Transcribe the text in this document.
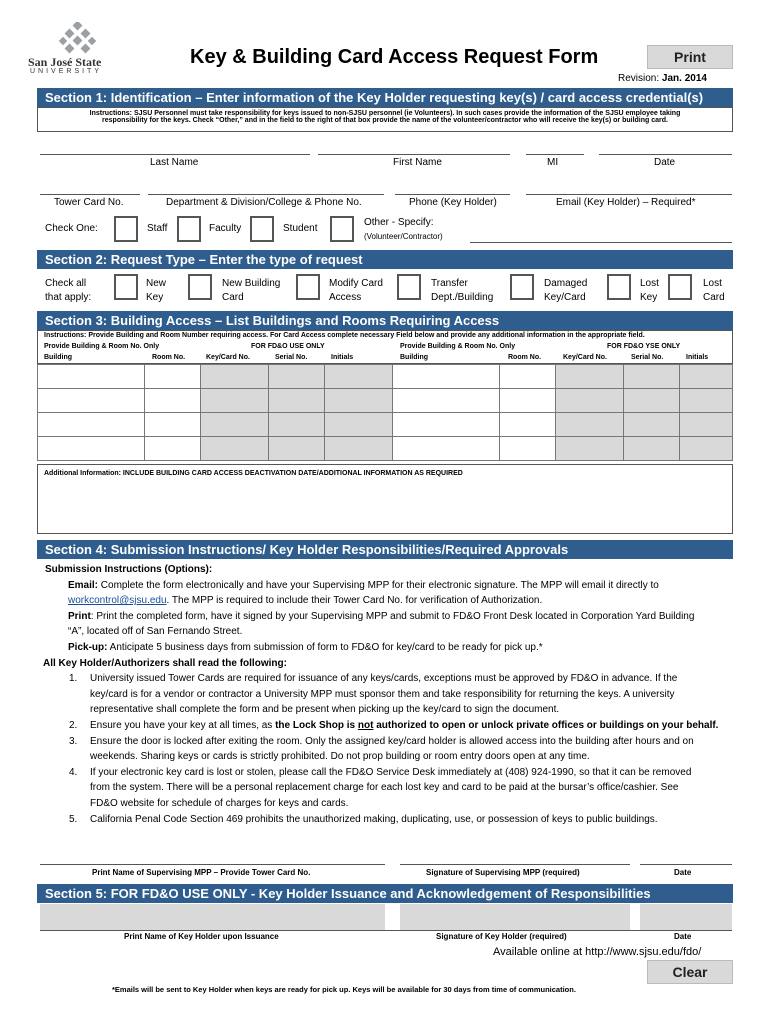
San José State
UNIVERSITY
Key & Building Card Access Request Form	Print
Revision: Jan. 2014
Section 1: Identification – Enter information of the Key Holder requesting key(s) / card access credential(s)
Instructions: SJSU Personnel must take responsibility for keys issued to non-SJSU personnel (ie Volunteers). In such cases provide the information of the SJSU employee taking
responsibility for the keys. Check “Other,” and in the field to the right of that box provide the name of the volunteer/contractor who will receive the key(s) or building card.
Last Name	First Name	MI	Date
Tower Card No.	Department & Division/College & Phone No.	Phone (Key Holder)	Email (Key Holder) – Required*
Check One:	Staff	Faculty	Student
Other - Specify:
(Volunteer/Contractor)
Section 2: Request Type – Enter the type of request
Check all
that apply:
New
Key
New Building
Card
Modify Card
Access
Transfer
Dept./Building
Damaged
Key/Card
Lost
Key
Lost
Card
Section 3: Building Access – List Buildings and Rooms Requiring Access
Instructions: Provide Building and Room Number requiring access. For Card Access complete necessary Field below and provide any additional information in the appropriate field.
Provide Building & Room No. Only	FOR FD&O USE ONLY	Provide Building & Room No. Only	FOR FD&O YSE ONLY
Building	Room No.	Key/Card No.	Serial No.	Initials	Building	Room No.	Key/Card No.	Serial No.	Initials

Additional Information: INCLUDE BUILDING CARD ACCESS DEACTIVATION DATE/ADDITIONAL INFORMATION AS REQUIRED
Section 4: Submission Instructions/ Key Holder Responsibilities/Required Approvals
Submission Instructions (Options):
Email: Complete the form electronically and have your Supervising MPP for their electronic signature. The MPP will email it directly to
workcontrol@sjsu.edu. The MPP is required to include their Tower Card No. for verification of Authorization.
Print: Print the completed form, have it signed by your Supervising MPP and submit to FD&O Front Desk located in Corporation Yard Building
“A”, located off of San Fernando Street.
Pick-up: Anticipate 5 business days from submission of form to FD&O for key/card to be ready for pick up.*
All Key Holder/Authorizers shall read the following:
1. University issued Tower Cards are required for issuance of any keys/cards, exceptions must be approved by FD&O in advance. If the
key/card is for a vendor or contractor a University MPP must sponsor them and take responsibility for returning the keys. A university
representative shall complete the form and be present when picking up the key/card to sign the document.
2. Ensure you have your key at all times, as the Lock Shop is not authorized to open or unlock private offices or buildings on your behalf.
3. Ensure the door is locked after exiting the room. Only the assigned key/card holder is allowed access into the building after hours and on
weekends. Sharing keys or cards is strictly prohibited. Do not prop building or room entry doors open at any time.
4. If your electronic key card is lost or stolen, please call the FD&O Service Desk immediately at (408) 924-1990, so that it can be removed
from the system. There will be a personal replacement charge for each lost key and card to be paid at the bursar’s office/cashier. See
FD&O website for schedule of charges for keys and cards.
5. California Penal Code Section 469 prohibits the unauthorized making, duplicating, use, or possession of keys to public buildings.
Print Name of Supervising MPP – Provide Tower Card No.	Signature of Supervising MPP (required)	Date
Section 5: FOR FD&O USE ONLY - Key Holder Issuance and Acknowledgement of Responsibilities
Print Name of Key Holder upon Issuance	Signature of Key Holder (required)	Date
Available online at http://www.sjsu.edu/fdo/
Clear
*Emails will be sent to Key Holder when keys are ready for pick up. Keys will be available for 30 days from time of communication.
